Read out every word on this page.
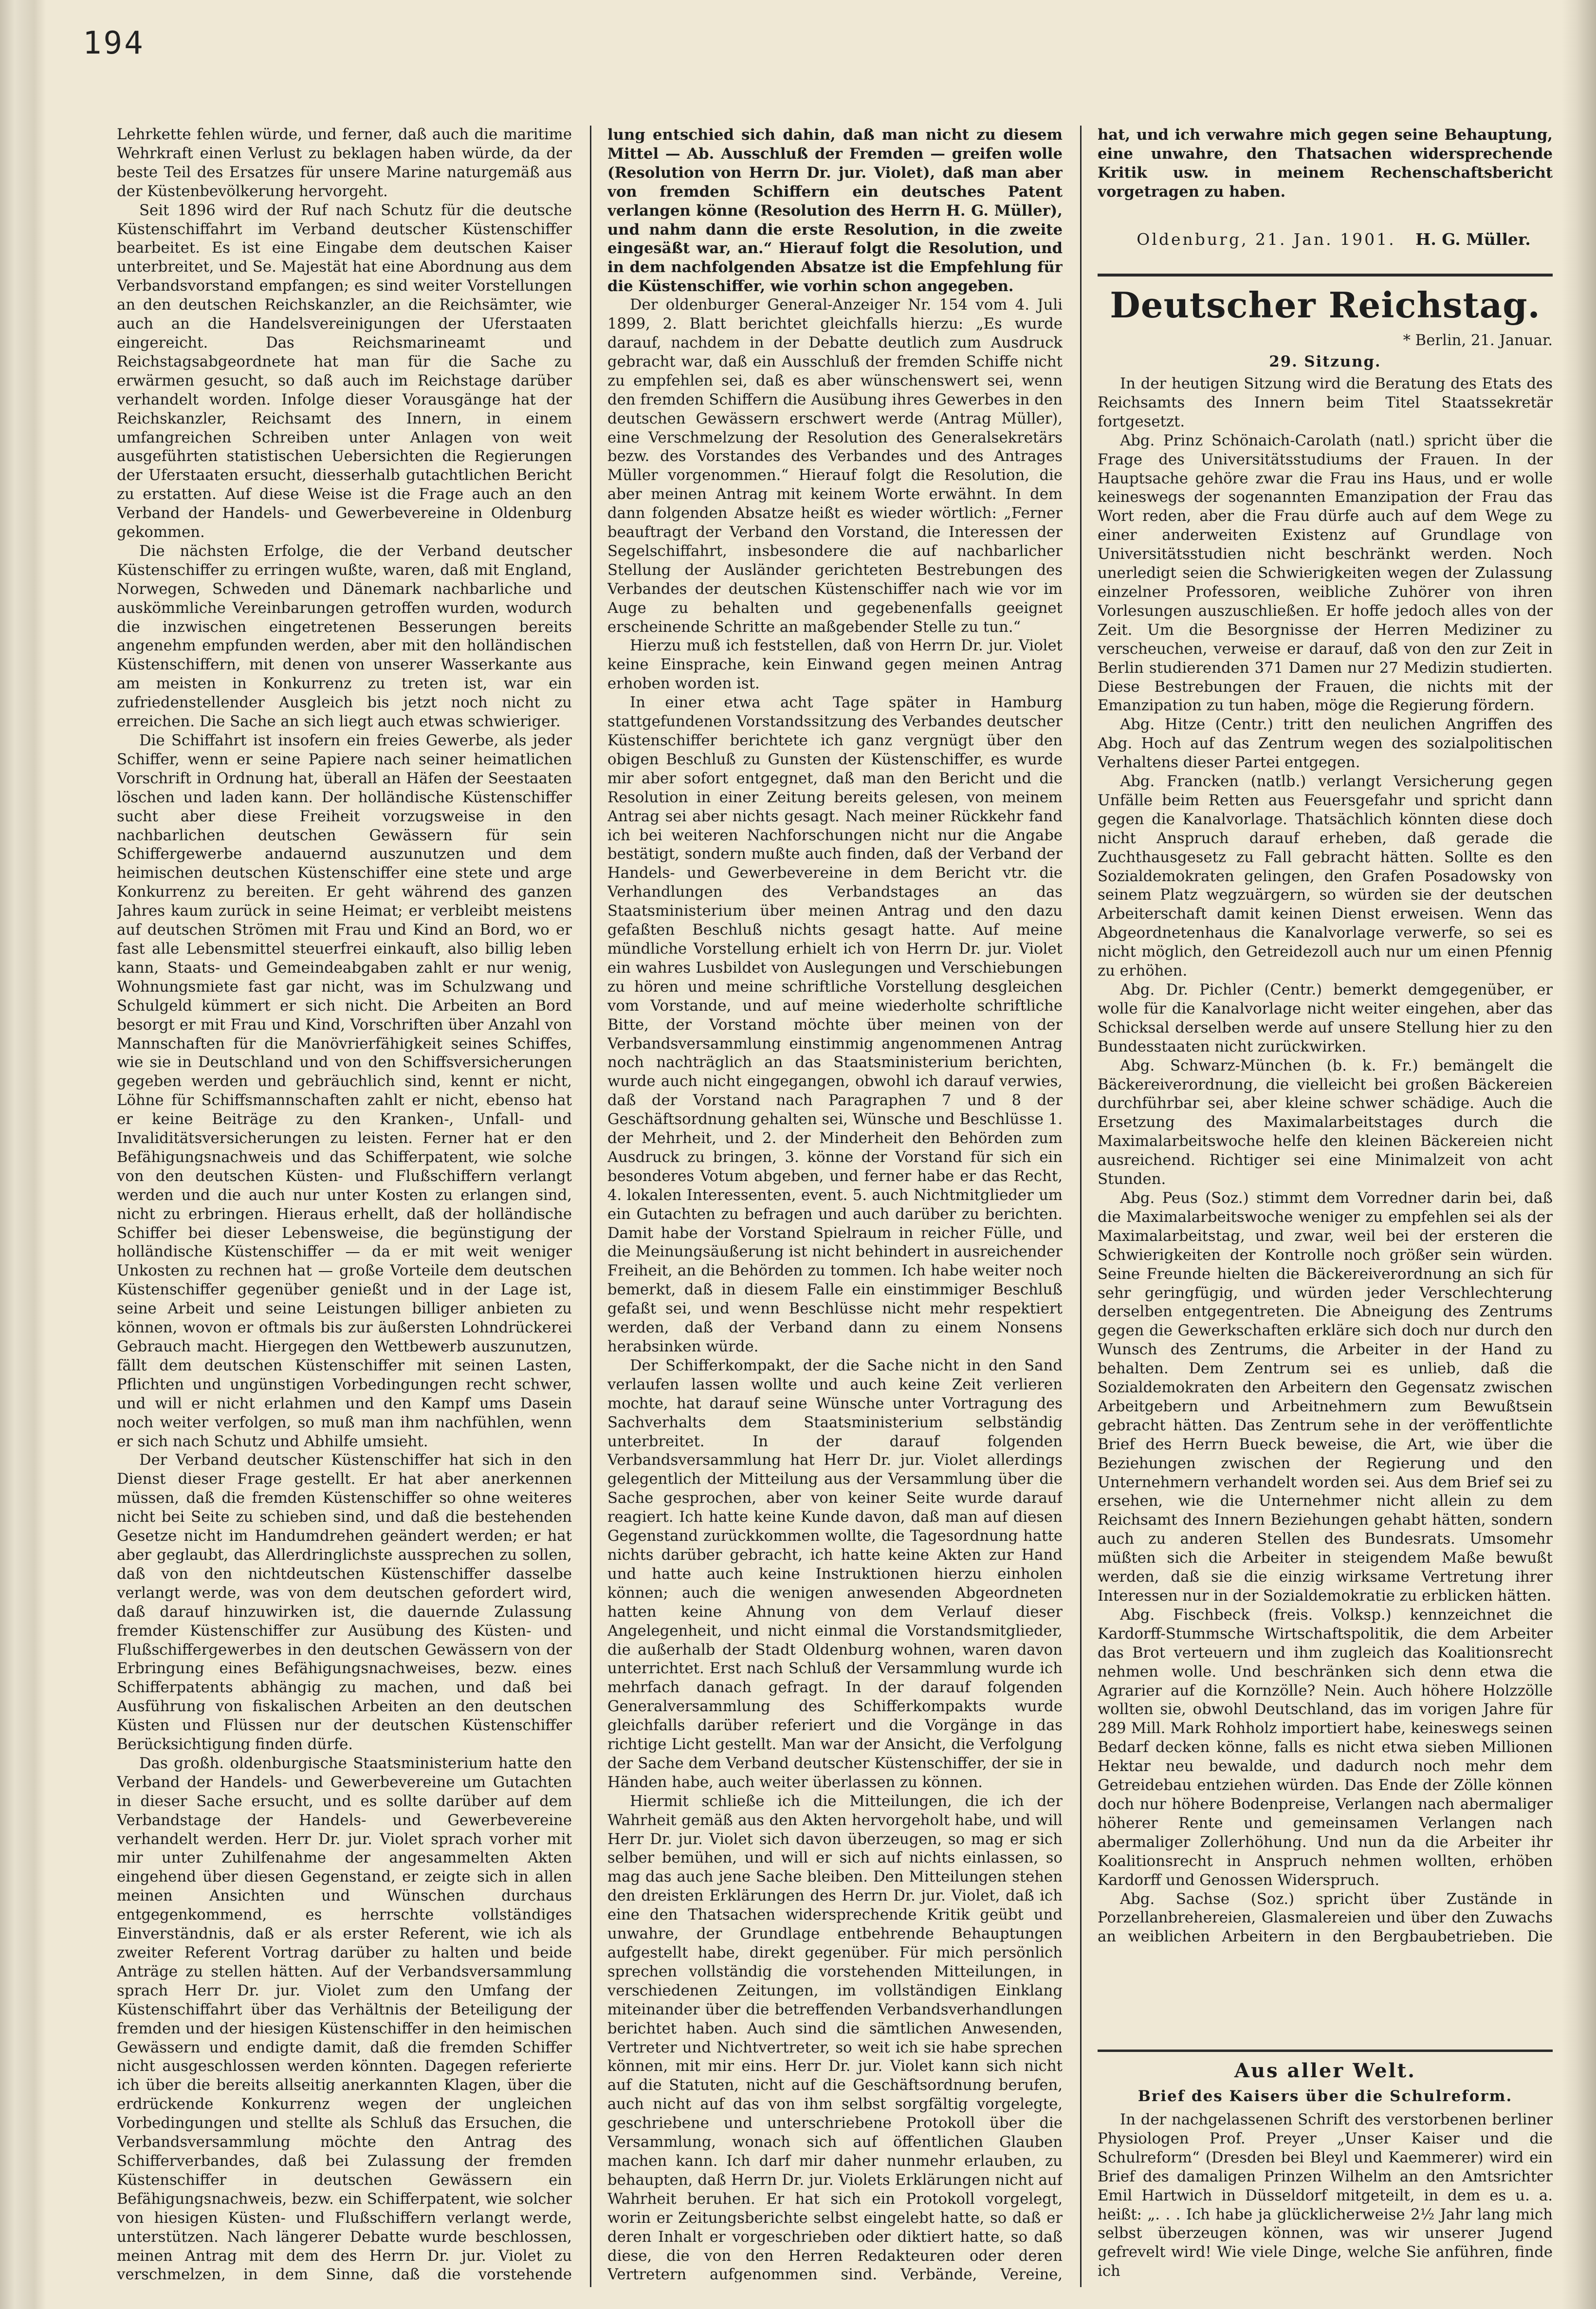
194

Lehrkette fehlen würde, und ferner, daß auch die maritime Wehrkraft einen Verlust zu beklagen haben würde, da der beste Teil des Ersatzes für unsere Marine naturgemäß aus der Küstenbevölkerung hervorgeht.

Seit 1896 wird der Ruf nach Schutz für die deutsche Küstenschiffahrt im Verband deutscher Küstenschiffer bearbeitet. Es ist eine Eingabe dem deutschen Kaiser unterbreitet, und Se. Majestät hat eine Abordnung aus dem Verbandsvorstand empfangen; es sind weiter Vorstellungen an den deutschen Reichskanzler, an die Reichsämter, wie auch an die Handelsvereinigungen der Uferstaaten eingereicht. Das Reichsmarineamt und Reichstagsabgeordnete hat man für die Sache zu erwärmen gesucht, so daß auch im Reichstage darüber verhandelt worden. Infolge dieser Vorausgänge hat der Reichskanzler, Reichsamt des Innern, in einem umfangreichen Schreiben unter Anlagen von weit ausgeführten statistischen Uebersichten die Regierungen der Uferstaaten ersucht, diesserhalb gutachtlichen Bericht zu erstatten. Auf diese Weise ist die Frage auch an den Verband der Handels- und Gewerbevereine in Oldenburg gekommen.

Die nächsten Erfolge, die der Verband deutscher Küstenschiffer zu erringen wußte, waren, daß mit England, Norwegen, Schweden und Dänemark nachbarliche und auskömmliche Vereinbarungen getroffen wurden, wodurch die inzwischen eingetretenen Besserungen bereits angenehm empfunden werden, aber mit den holländischen Küstenschiffern, mit denen von unserer Wasserkante aus am meisten in Konkurrenz zu treten ist, war ein zufriedenstellender Ausgleich bis jetzt noch nicht zu erreichen. Die Sache an sich liegt auch etwas schwieriger.

Die Schiffahrt ist insofern ein freies Gewerbe, als jeder Schiffer, wenn er seine Papiere nach seiner heimatlichen Vorschrift in Ordnung hat, überall an Häfen der Seestaaten löschen und laden kann. Der holländische Küstenschiffer sucht aber diese Freiheit vorzugsweise in den nachbarlichen deutschen Gewässern für sein Schiffergewerbe andauernd auszunutzen und dem heimischen deutschen Küstenschiffer eine stete und arge Konkurrenz zu bereiten. Er geht während des ganzen Jahres kaum zurück in seine Heimat; er verbleibt meistens auf deutschen Strömen mit Frau und Kind an Bord, wo er fast alle Lebensmittel steuerfrei einkauft, also billig leben kann, Staats- und Gemeindeabgaben zahlt er nur wenig, Wohnungsmiete fast gar nicht, was im Schulzwang und Schulgeld kümmert er sich nicht. Die Arbeiten an Bord besorgt er mit Frau und Kind, Vorschriften über Anzahl von Mannschaften für die Manövrierfähigkeit seines Schiffes, wie sie in Deutschland und von den Schiffsversicherungen gegeben werden und gebräuchlich sind, kennt er nicht, Löhne für Schiffsmannschaften zahlt er nicht, ebenso hat er keine Beiträge zu den Kranken-, Unfall- und Invaliditätsversicherungen zu leisten. Ferner hat er den Befähigungsnachweis und das Schifferpatent, wie solche von den deutschen Küsten- und Flußschiffern verlangt werden und die auch nur unter Kosten zu erlangen sind, nicht zu erbringen. Hieraus erhellt, daß der holländische Schiffer bei dieser Lebensweise, die begünstigung der holländische Küstenschiffer — da er mit weit weniger Unkosten zu rechnen hat — große Vorteile dem deutschen Küstenschiffer gegenüber genießt und in der Lage ist, seine Arbeit und seine Leistungen billiger anbieten zu können, wovon er oftmals bis zur äußersten Lohndrückerei Gebrauch macht. Hiergegen den Wettbewerb auszunutzen, fällt dem deutschen Küstenschiffer mit seinen Lasten, Pflichten und ungünstigen Vorbedingungen recht schwer, und will er nicht erlahmen und den Kampf ums Dasein noch weiter verfolgen, so muß man ihm nachfühlen, wenn er sich nach Schutz und Abhilfe umsieht.

Der Verband deutscher Küstenschiffer hat sich in den Dienst dieser Frage gestellt. Er hat aber anerkennen müssen, daß die fremden Küstenschiffer so ohne weiteres nicht bei Seite zu schieben sind, und daß die bestehenden Gesetze nicht im Handumdrehen geändert werden; er hat aber geglaubt, das Allerdringlichste aussprechen zu sollen, daß von den nichtdeutschen Küstenschiffer dasselbe verlangt werde, was von dem deutschen gefordert wird, daß darauf hinzuwirken ist, die dauernde Zulassung fremder Küstenschiffer zur Ausübung des Küsten- und Flußschiffergewerbes in den deutschen Gewässern von der Erbringung eines Befähigungsnachweises, bezw. eines Schifferpatents abhängig zu machen, und daß bei Ausführung von fiskalischen Arbeiten an den deutschen Küsten und Flüssen nur der deutschen Küstenschiffer Berücksichtigung finden dürfe.

Das großh. oldenburgische Staatsministerium hatte den Verband der Handels- und Gewerbevereine um Gutachten in dieser Sache ersucht, und es sollte darüber auf dem Verbandstage der Handels- und Gewerbevereine verhandelt werden. Herr Dr. jur. Violet sprach vorher mit mir unter Zuhilfenahme der angesammelten Akten eingehend über diesen Gegenstand, er zeigte sich in allen meinen Ansichten und Wünschen durchaus entgegenkommend, es herrschte vollständiges Einverständnis, daß er als erster Referent, wie ich als zweiter Referent Vortrag darüber zu halten und beide Anträge zu stellen hätten. Auf der Verbandsversammlung sprach Herr Dr. jur. Violet zum den Umfang der Küstenschiffahrt über das Verhältnis der Beteiligung der fremden und der hiesigen Küstenschiffer in den heimischen Gewässern und endigte damit, daß die fremden Schiffer nicht ausgeschlossen werden könnten. Dagegen referierte ich über die bereits allseitig anerkannten Klagen, über die erdrückende Konkurrenz wegen der ungleichen Vorbedingungen und stellte als Schluß das Ersuchen, die Verbandsversammlung möchte den Antrag des Schifferverbandes, daß bei Zulassung der fremden Küstenschiffer in deutschen Gewässern ein Befähigungsnachweis, bezw. ein Schifferpatent, wie solcher von hiesigen Küsten- und Flußschiffern verlangt werde, unterstützen. Nach längerer Debatte wurde beschlossen, meinen Antrag mit dem des Herrn Dr. jur. Violet zu verschmelzen, in dem Sinne, daß die vorstehende

lung entschied sich dahin, daß man nicht zu diesem Mittel — Ab. Ausschluß der Fremden — greifen wolle (Resolution von Herrn Dr. jur. Violet), daß man aber von fremden Schiffern ein deutsches Patent verlangen könne (Resolution des Herrn H. G. Müller), und nahm dann die erste Resolution, in die zweite eingesäßt war, an.“ Hierauf folgt die Resolution, und in dem nachfolgenden Absatze ist die Empfehlung für die Küstenschiffer, wie vorhin schon angegeben.

Der oldenburger General-Anzeiger Nr. 154 vom 4. Juli 1899, 2. Blatt berichtet gleichfalls hierzu: „Es wurde darauf, nachdem in der Debatte deutlich zum Ausdruck gebracht war, daß ein Ausschluß der fremden Schiffe nicht zu empfehlen sei, daß es aber wünschenswert sei, wenn den fremden Schiffern die Ausübung ihres Gewerbes in den deutschen Gewässern erschwert werde (Antrag Müller), eine Verschmelzung der Resolution des Generalsekretärs bezw. des Vorstandes des Verbandes und des Antrages Müller vorgenommen.“ Hierauf folgt die Resolution, die aber meinen Antrag mit keinem Worte erwähnt. In dem dann folgenden Absatze heißt es wieder wörtlich: „Ferner beauftragt der Verband den Vorstand, die Interessen der Segelschiffahrt, insbesondere die auf nachbarlicher Stellung der Ausländer gerichteten Bestrebungen des Verbandes der deutschen Küstenschiffer nach wie vor im Auge zu behalten und gegebenenfalls geeignet erscheinende Schritte an maßgebender Stelle zu tun.“

Hierzu muß ich feststellen, daß von Herrn Dr. jur. Violet keine Einsprache, kein Einwand gegen meinen Antrag erhoben worden ist.

In einer etwa acht Tage später in Hamburg stattgefundenen Vorstandssitzung des Verbandes deutscher Küstenschiffer berichtete ich ganz vergnügt über den obigen Beschluß zu Gunsten der Küstenschiffer, es wurde mir aber sofort entgegnet, daß man den Bericht und die Resolution in einer Zeitung bereits gelesen, von meinem Antrag sei aber nichts gesagt. Nach meiner Rückkehr fand ich bei weiteren Nachforschungen nicht nur die Angabe bestätigt, sondern mußte auch finden, daß der Verband der Handels- und Gewerbevereine in dem Bericht vtr. die Verhandlungen des Verbandstages an das Staatsministerium über meinen Antrag und den dazu gefaßten Beschluß nichts gesagt hatte. Auf meine mündliche Vorstellung erhielt ich von Herrn Dr. jur. Violet ein wahres Lusbildet von Auslegungen und Verschiebungen zu hören und meine schriftliche Vorstellung desgleichen vom Vorstande, und auf meine wiederholte schriftliche Bitte, der Vorstand möchte über meinen von der Verbandsversammlung einstimmig angenommenen Antrag noch nachträglich an das Staatsministerium berichten, wurde auch nicht eingegangen, obwohl ich darauf verwies, daß der Vorstand nach Paragraphen 7 und 8 der Geschäftsordnung gehalten sei, Wünsche und Beschlüsse 1. der Mehrheit, und 2. der Minderheit den Behörden zum Ausdruck zu bringen, 3. könne der Vorstand für sich ein besonderes Votum abgeben, und ferner habe er das Recht, 4. lokalen Interessenten, event. 5. auch Nichtmitglieder um ein Gutachten zu befragen und auch darüber zu berichten. Damit habe der Vorstand Spielraum in reicher Fülle, und die Meinungsäußerung ist nicht behindert in ausreichender Freiheit, an die Behörden zu tommen. Ich habe weiter noch bemerkt, daß in diesem Falle ein einstimmiger Beschluß gefaßt sei, und wenn Beschlüsse nicht mehr respektiert werden, daß der Verband dann zu einem Nonsens herabsinken würde.

Der Schifferkompakt, der die Sache nicht in den Sand verlaufen lassen wollte und auch keine Zeit verlieren mochte, hat darauf seine Wünsche unter Vortragung des Sachverhalts dem Staatsministerium selbständig unterbreitet. In der darauf folgenden Verbandsversammlung hat Herr Dr. jur. Violet allerdings gelegentlich der Mitteilung aus der Versammlung über die Sache gesprochen, aber von keiner Seite wurde darauf reagiert. Ich hatte keine Kunde davon, daß man auf diesen Gegenstand zurückkommen wollte, die Tagesordnung hatte nichts darüber gebracht, ich hatte keine Akten zur Hand und hatte auch keine Instruktionen hierzu einholen können; auch die wenigen anwesenden Abgeordneten hatten keine Ahnung von dem Verlauf dieser Angelegenheit, und nicht einmal die Vorstandsmitglieder, die außerhalb der Stadt Oldenburg wohnen, waren davon unterrichtet. Erst nach Schluß der Versammlung wurde ich mehrfach danach gefragt. In der darauf folgenden Generalversammlung des Schifferkompakts wurde gleichfalls darüber referiert und die Vorgänge in das richtige Licht gestellt. Man war der Ansicht, die Verfolgung der Sache dem Verband deutscher Küstenschiffer, der sie in Händen habe, auch weiter überlassen zu können.

Hiermit schließe ich die Mitteilungen, die ich der Wahrheit gemäß aus den Akten hervorgeholt habe, und will Herr Dr. jur. Violet sich davon überzeugen, so mag er sich selber bemühen, und will er sich auf nichts einlassen, so mag das auch jene Sache bleiben. Den Mitteilungen stehen den dreisten Erklärungen des Herrn Dr. jur. Violet, daß ich eine den Thatsachen widersprechende Kritik geübt und unwahre, der Grundlage entbehrende Behauptungen aufgestellt habe, direkt gegenüber. Für mich persönlich sprechen vollständig die vorstehenden Mitteilungen, in verschiedenen Zeitungen, im vollständigen Einklang miteinander über die betreffenden Verbandsverhandlungen berichtet haben. Auch sind die sämtlichen Anwesenden, Vertreter und Nichtvertreter, so weit ich sie habe sprechen können, mit mir eins. Herr Dr. jur. Violet kann sich nicht auf die Statuten, nicht auf die Geschäftsordnung berufen, auch nicht auf das von ihm selbst sorgfältig vorgelegte, geschriebene und unterschriebene Protokoll über die Versammlung, wonach sich auf öffentlichen Glauben machen kann. Ich darf mir daher nunmehr erlauben, zu behaupten, daß Herrn Dr. jur. Violets Erklärungen nicht auf Wahrheit beruhen. Er hat sich ein Protokoll vorgelegt, worin er Zeitungsberichte selbst eingelebt hatte, so daß er deren Inhalt er vorgeschrieben oder diktiert hatte, so daß diese, die von den Herren Redakteuren oder deren Vertretern aufgenommen sind. Verbände, Vereine,

hat, und ich verwahre mich gegen seine Behauptung, eine unwahre, den Thatsachen widersprechende Kritik usw. in meinem Rechenschaftsbericht vorgetragen zu haben.

Oldenburg, 21. Jan. 1901. H. G. Müller.
Deutscher Reichstag.
* Berlin, 21. Januar.
29. Sitzung.

In der heutigen Sitzung wird die Beratung des Etats des Reichsamts des Innern beim Titel Staatssekretär fortgesetzt.

Abg. Prinz Schönaich-Carolath (natl.) spricht über die Frage des Universitätsstudiums der Frauen. In der Hauptsache gehöre zwar die Frau ins Haus, und er wolle keineswegs der sogenannten Emanzipation der Frau das Wort reden, aber die Frau dürfe auch auf dem Wege zu einer anderweiten Existenz auf Grundlage von Universitätsstudien nicht beschränkt werden. Noch unerledigt seien die Schwierigkeiten wegen der Zulassung einzelner Professoren, weibliche Zuhörer von ihren Vorlesungen auszuschließen. Er hoffe jedoch alles von der Zeit. Um die Besorgnisse der Herren Mediziner zu verscheuchen, verweise er darauf, daß von den zur Zeit in Berlin studierenden 371 Damen nur 27 Medizin studierten. Diese Bestrebungen der Frauen, die nichts mit der Emanzipation zu tun haben, möge die Regierung fördern.

Abg. Hitze (Centr.) tritt den neulichen Angriffen des Abg. Hoch auf das Zentrum wegen des sozialpolitischen Verhaltens dieser Partei entgegen.

Abg. Francken (natlb.) verlangt Versicherung gegen Unfälle beim Retten aus Feuersgefahr und spricht dann gegen die Kanalvorlage. Thatsächlich könnten diese doch nicht Anspruch darauf erheben, daß gerade die Zuchthausgesetz zu Fall gebracht hätten. Sollte es den Sozialdemokraten gelingen, den Grafen Posadowsky von seinem Platz wegzuärgern, so würden sie der deutschen Arbeiterschaft damit keinen Dienst erweisen. Wenn das Abgeordnetenhaus die Kanalvorlage verwerfe, so sei es nicht möglich, den Getreidezoll auch nur um einen Pfennig zu erhöhen.

Abg. Dr. Pichler (Centr.) bemerkt demgegenüber, er wolle für die Kanalvorlage nicht weiter eingehen, aber das Schicksal derselben werde auf unsere Stellung hier zu den Bundesstaaten nicht zurückwirken.

Abg. Schwarz-München (b. k. Fr.) bemängelt die Bäckereiverordnung, die vielleicht bei großen Bäckereien durchführbar sei, aber kleine schwer schädige. Auch die Ersetzung des Maximalarbeitstages durch die Maximalarbeitswoche helfe den kleinen Bäckereien nicht ausreichend. Richtiger sei eine Minimalzeit von acht Stunden.

Abg. Peus (Soz.) stimmt dem Vorredner darin bei, daß die Maximalarbeitswoche weniger zu empfehlen sei als der Maximalarbeitstag, und zwar, weil bei der ersteren die Schwierigkeiten der Kontrolle noch größer sein würden. Seine Freunde hielten die Bäckereiverordnung an sich für sehr geringfügig, und würden jeder Verschlechterung derselben entgegentreten. Die Abneigung des Zentrums gegen die Gewerkschaften erkläre sich doch nur durch den Wunsch des Zentrums, die Arbeiter in der Hand zu behalten. Dem Zentrum sei es unlieb, daß die Sozialdemokraten den Arbeitern den Gegensatz zwischen Arbeitgebern und Arbeitnehmern zum Bewußtsein gebracht hätten. Das Zentrum sehe in der veröffentlichte Brief des Herrn Bueck beweise, die Art, wie über die Beziehungen zwischen der Regierung und den Unternehmern verhandelt worden sei. Aus dem Brief sei zu ersehen, wie die Unternehmer nicht allein zu dem Reichsamt des Innern Beziehungen gehabt hätten, sondern auch zu anderen Stellen des Bundesrats. Umsomehr müßten sich die Arbeiter in steigendem Maße bewußt werden, daß sie die einzig wirksame Vertretung ihrer Interessen nur in der Sozialdemokratie zu erblicken hätten.

Abg. Fischbeck (freis. Volksp.) kennzeichnet die Kardorff-Stummsche Wirtschaftspolitik, die dem Arbeiter das Brot verteuern und ihm zugleich das Koalitionsrecht nehmen wolle. Und beschränken sich denn etwa die Agrarier auf die Kornzölle? Nein. Auch höhere Holzzölle wollten sie, obwohl Deutschland, das im vorigen Jahre für 289 Mill. Mark Rohholz importiert habe, keineswegs seinen Bedarf decken könne, falls es nicht etwa sieben Millionen Hektar neu bewalde, und dadurch noch mehr dem Getreidebau entziehen würden. Das Ende der Zölle können doch nur höhere Bodenpreise, Verlangen nach abermaliger höherer Rente und gemeinsamen Verlangen nach abermaliger Zollerhöhung. Und nun da die Arbeiter ihr Koalitionsrecht in Anspruch nehmen wollten, erhöben Kardorff und Genossen Widerspruch.

Abg. Sachse (Soz.) spricht über Zustände in Porzellanbrehereien, Glasmalereien und über den Zuwachs an weiblichen Arbeitern in den Bergbaubetrieben. Die

Aus aller Welt.
Brief des Kaisers über die Schulreform.

In der nachgelassenen Schrift des verstorbenen berliner Physiologen Prof. Preyer „Unser Kaiser und die Schulreform“ (Dresden bei Bleyl und Kaemmerer) wird ein Brief des damaligen Prinzen Wilhelm an den Amtsrichter Emil Hartwich in Düsseldorf mitgeteilt, in dem es u. a. heißt: „. . . Ich habe ja glücklicherweise 2½ Jahr lang mich selbst überzeugen können, was wir unserer Jugend gefrevelt wird! Wie viele Dinge, welche Sie anführen, finde ich
